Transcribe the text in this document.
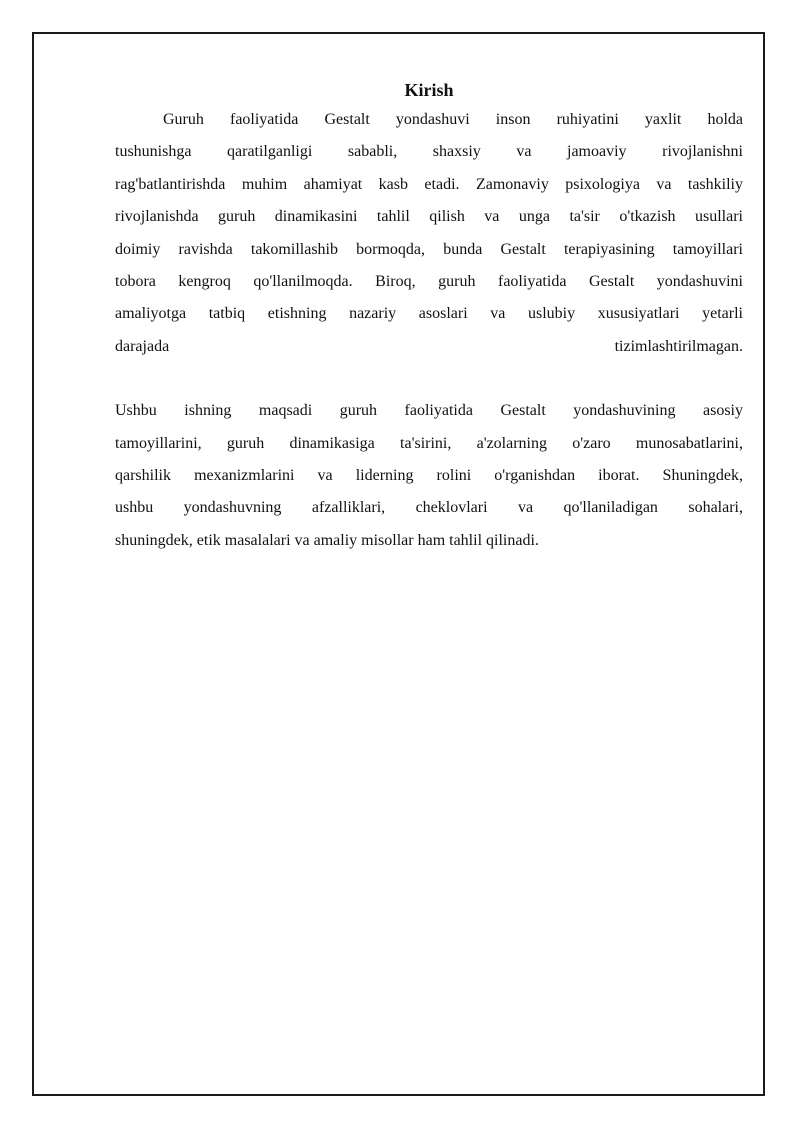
Kirish
Guruh faoliyatida Gestalt yondashuvi inson ruhiyatini yaxlit holda
tushunishga qaratilganligi sababli, shaxsiy va jamoaviy rivojlanishni
rag'batlantirishda muhim ahamiyat kasb etadi. Zamonaviy psixologiya va tashkiliy
rivojlanishda guruh dinamikasini tahlil qilish va unga ta'sir o'tkazish usullari
doimiy ravishda takomillashib bormoqda, bunda Gestalt terapiyasining tamoyillari
tobora kengroq qo'llanilmoqda. Biroq, guruh faoliyatida Gestalt yondashuvini
amaliyotga tatbiq etishning nazariy asoslari va uslubiy xususiyatlari yetarli
darajada tizimlashtirilmagan.
Ushbu ishning maqsadi guruh faoliyatida Gestalt yondashuvining asosiy
tamoyillarini, guruh dinamikasiga ta'sirini, a'zolarning o'zaro munosabatlarini,
qarshilik mexanizmlarini va liderning rolini o'rganishdan iborat. Shuningdek,
ushbu yondashuvning afzalliklari, cheklovlari va qo'llaniladigan sohalari,
shuningdek, etik masalalari va amaliy misollar ham tahlil qilinadi.
